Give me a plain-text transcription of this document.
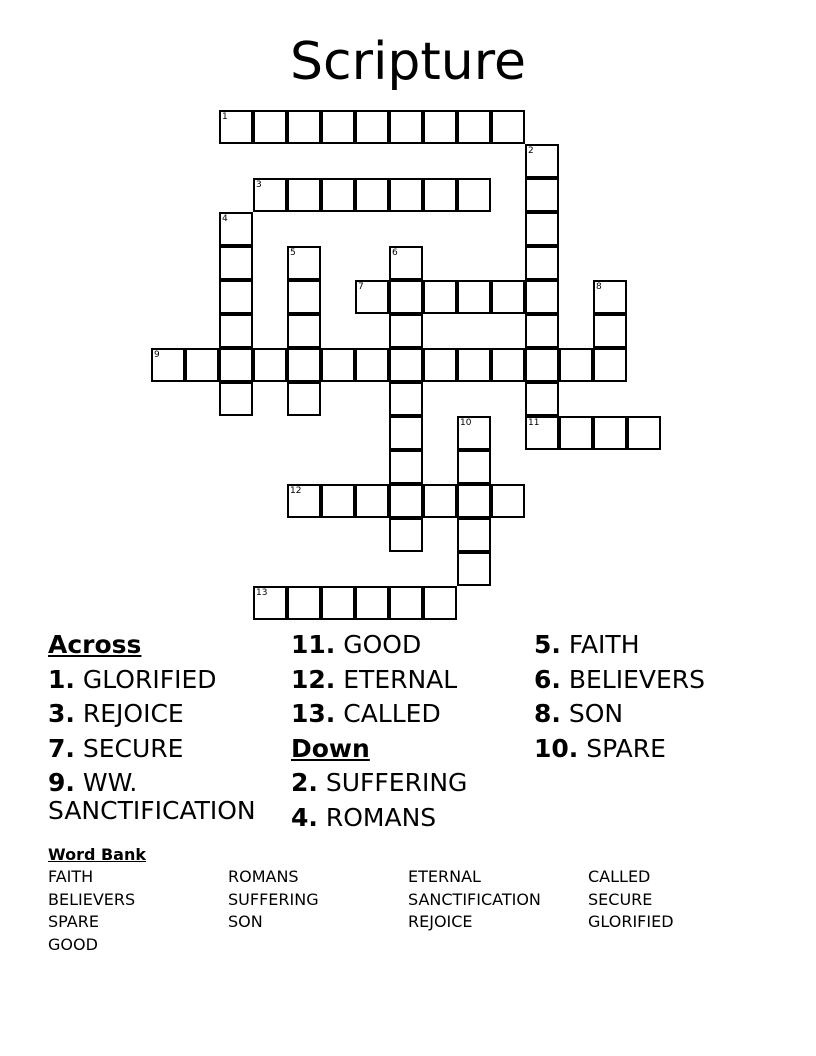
Scripture
1
2
11
3
4
5	6
7	8
9
10
12
13
Across
1. GLORIFIED
3. REJOICE
7. SECURE
9. WW. SANCTIFICATION
11. GOOD
12. ETERNAL
13. CALLED
Down
2. SUFFERING
4. ROMANS
5. FAITH
6. BELIEVERS
8. SON
10. SPARE
Word Bank
FAITH	ROMANS	ETERNAL	CALLED
BELIEVERS	SUFFERING	SANCTIFICATION	SECURE
SPARE	SON	REJOICE	GLORIFIED
GOOD
